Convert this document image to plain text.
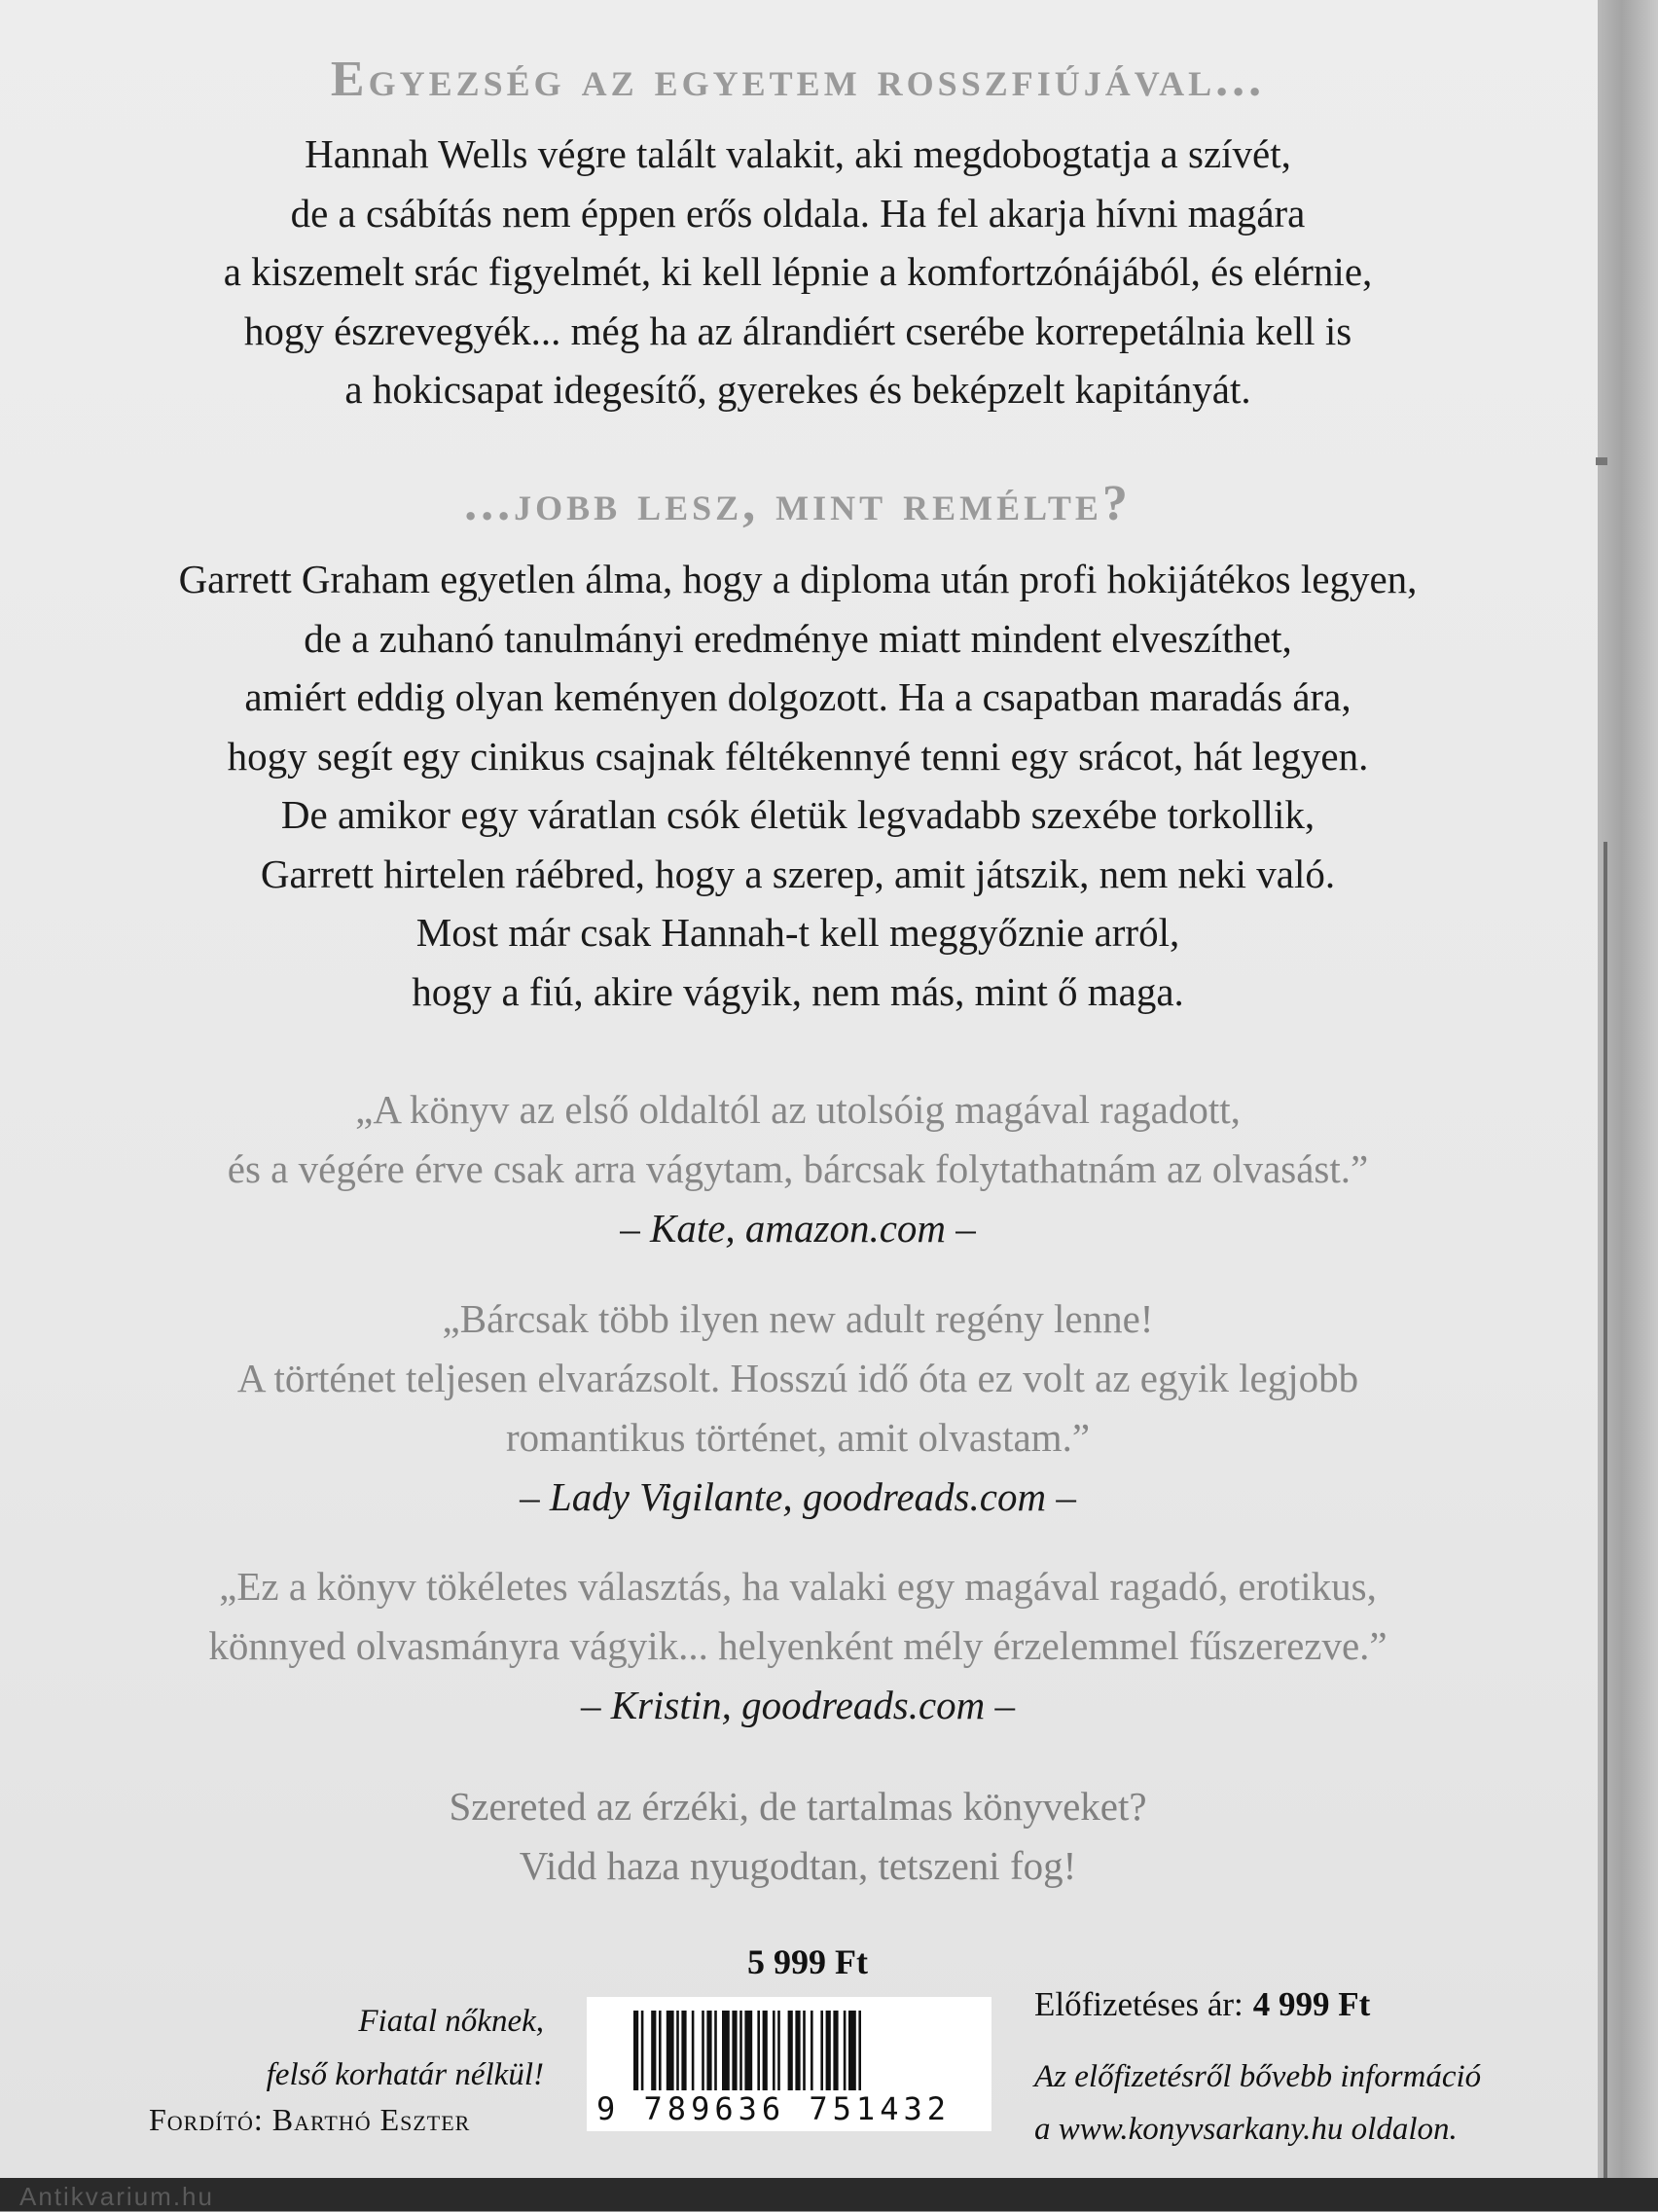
Antikvarium.hu
Egyezség az egyetem rosszfiújával...
Hannah Wells végre talált valakit, aki megdobogtatja a szívét,
de a csábítás nem éppen erős oldala. Ha fel akarja hívni magára
a kiszemelt srác figyelmét, ki kell lépnie a komfortzónájából, és elérnie,
hogy észrevegyék... még ha az álrandiért cserébe korrepetálnia kell is
a hokicsapat idegesítő, gyerekes és beképzelt kapitányát.
...jobb lesz, mint remélte?
Garrett Graham egyetlen álma, hogy a diploma után profi hokijátékos legyen,
de a zuhanó tanulmányi eredménye miatt mindent elveszíthet,
amiért eddig olyan keményen dolgozott. Ha a csapatban maradás ára,
hogy segít egy cinikus csajnak féltékennyé tenni egy srácot, hát legyen.
De amikor egy váratlan csók életük legvadabb szexébe torkollik,
Garrett hirtelen ráébred, hogy a szerep, amit játszik, nem neki való.
Most már csak Hannah-t kell meggyőznie arról,
hogy a fiú, akire vágyik, nem más, mint ő maga.
„A könyv az első oldaltól az utolsóig magával ragadott,
és a végére érve csak arra vágytam, bárcsak folytathatnám az olvasást.”
– Kate, amazon.com –
„Bárcsak több ilyen new adult regény lenne!
A történet teljesen elvarázsolt. Hosszú idő óta ez volt az egyik legjobb
romantikus történet, amit olvastam.”
– Lady Vigilante, goodreads.com –
„Ez a könyv tökéletes választás, ha valaki egy magával ragadó, erotikus,
könnyed olvasmányra vágyik... helyenként mély érzelemmel fűszerezve.”
– Kristin, goodreads.com –
Szereted az érzéki, de tartalmas könyveket?
Vidd haza nyugodtan, tetszeni fog!
5 999 Ft
Fiatal nőknek,
felső korhatár nélkül!
Fordító: Barthó Eszter	9 789636 751432
Előfizetéses ár: 4 999 Ft
Az előfizetésről bővebb információ
a www.konyvsarkany.hu oldalon.
